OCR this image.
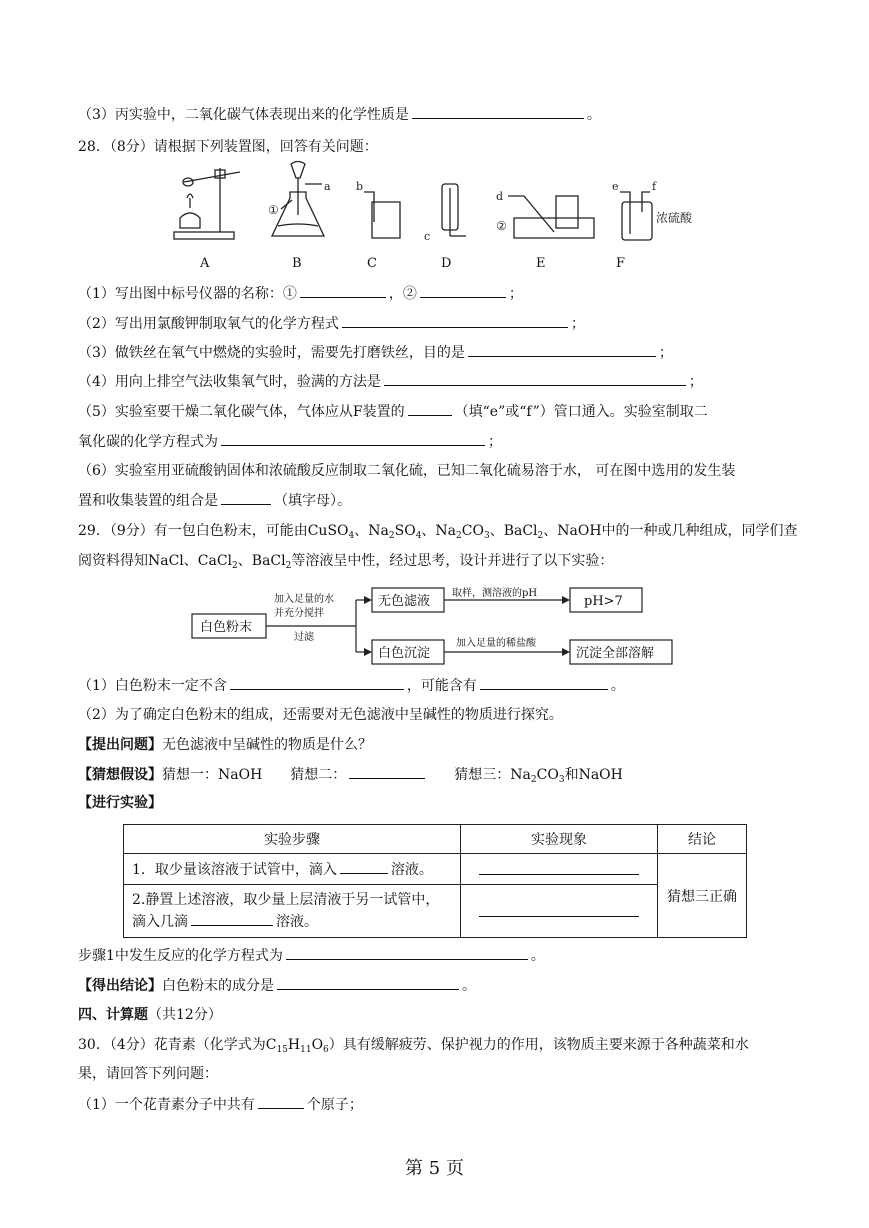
（3）丙实验中，二氧化碳气体表现出来的化学性质是	。
28．（8分）请根据下列装置图，回答有关问题：
a
①
b
c
d
②
e	f
浓硫酸
A	B	C	D	E	F
（1）写出图中标号仪器的名称：①	，②	；
（2）写出用氯酸钾制取氧气的化学方程式	；
（3）做铁丝在氧气中燃烧的实验时，需要先打磨铁丝，目的是	；
（4）用向上排空气法收集氧气时，验满的方法是	；
（5）实验室要干燥二氧化碳气体，气体应从F装置的	（填“e”或“f”）管口通入。实验室制取二
氧化碳的化学方程式为	；
（6）实验室用亚硫酸钠固体和浓硫酸反应制取二氧化硫，已知二氧化硫易溶于水， 可在图中选用的发生装
置和收集装置的组合是	（填字母）。
29．（9分）有一包白色粉末，可能由CuSO$_4$、$Na_2SO_4$、$Na_2CO_3$、BaCl$_2$、NaOH中的一种或几种组成，同学们查
阅资料得知NaCl、CaCl$_2$、BaCl$_2$等溶液呈中性，经过思考，设计并进行了以下实验：
白色粉末
无色滤液	pH>7
白色沉淀	沉淀全部溶解
加入足量的水
并充分搅拌
过滤
取样，测溶液的pH
加入足量的稀盐酸
（1）白色粉末一定不含	，可能含有	。
（2）为了确定白色粉末的组成，还需要对无色滤液中呈碱性的物质进行探究。
【提出问题】无色滤液中呈碱性的物质是什么？
【猜想假设】猜想一：NaOH 猜想二：	猜想三：$Na_2CO_3$和NaOH
【进行实验】
实验步骤	实验现象	结论
1．取少量该溶液于试管中，滴入 溶液。		猜想三正确
2.静置上述溶液，取少量上层清液于另一试管中，
滴入几滴 溶液。		
步骤1中发生反应的化学方程式为	。
【得出结论】白色粉末的成分是	。
四、计算题（共12分）
30．（4分）花青素（化学式为$C_{15}H_{11}O_6$）具有缓解疲劳、保护视力的作用，该物质主要来源于各种蔬菜和水
果，请回答下列问题：
（1）一个花青素分子中共有	个原子；
第 5 页
